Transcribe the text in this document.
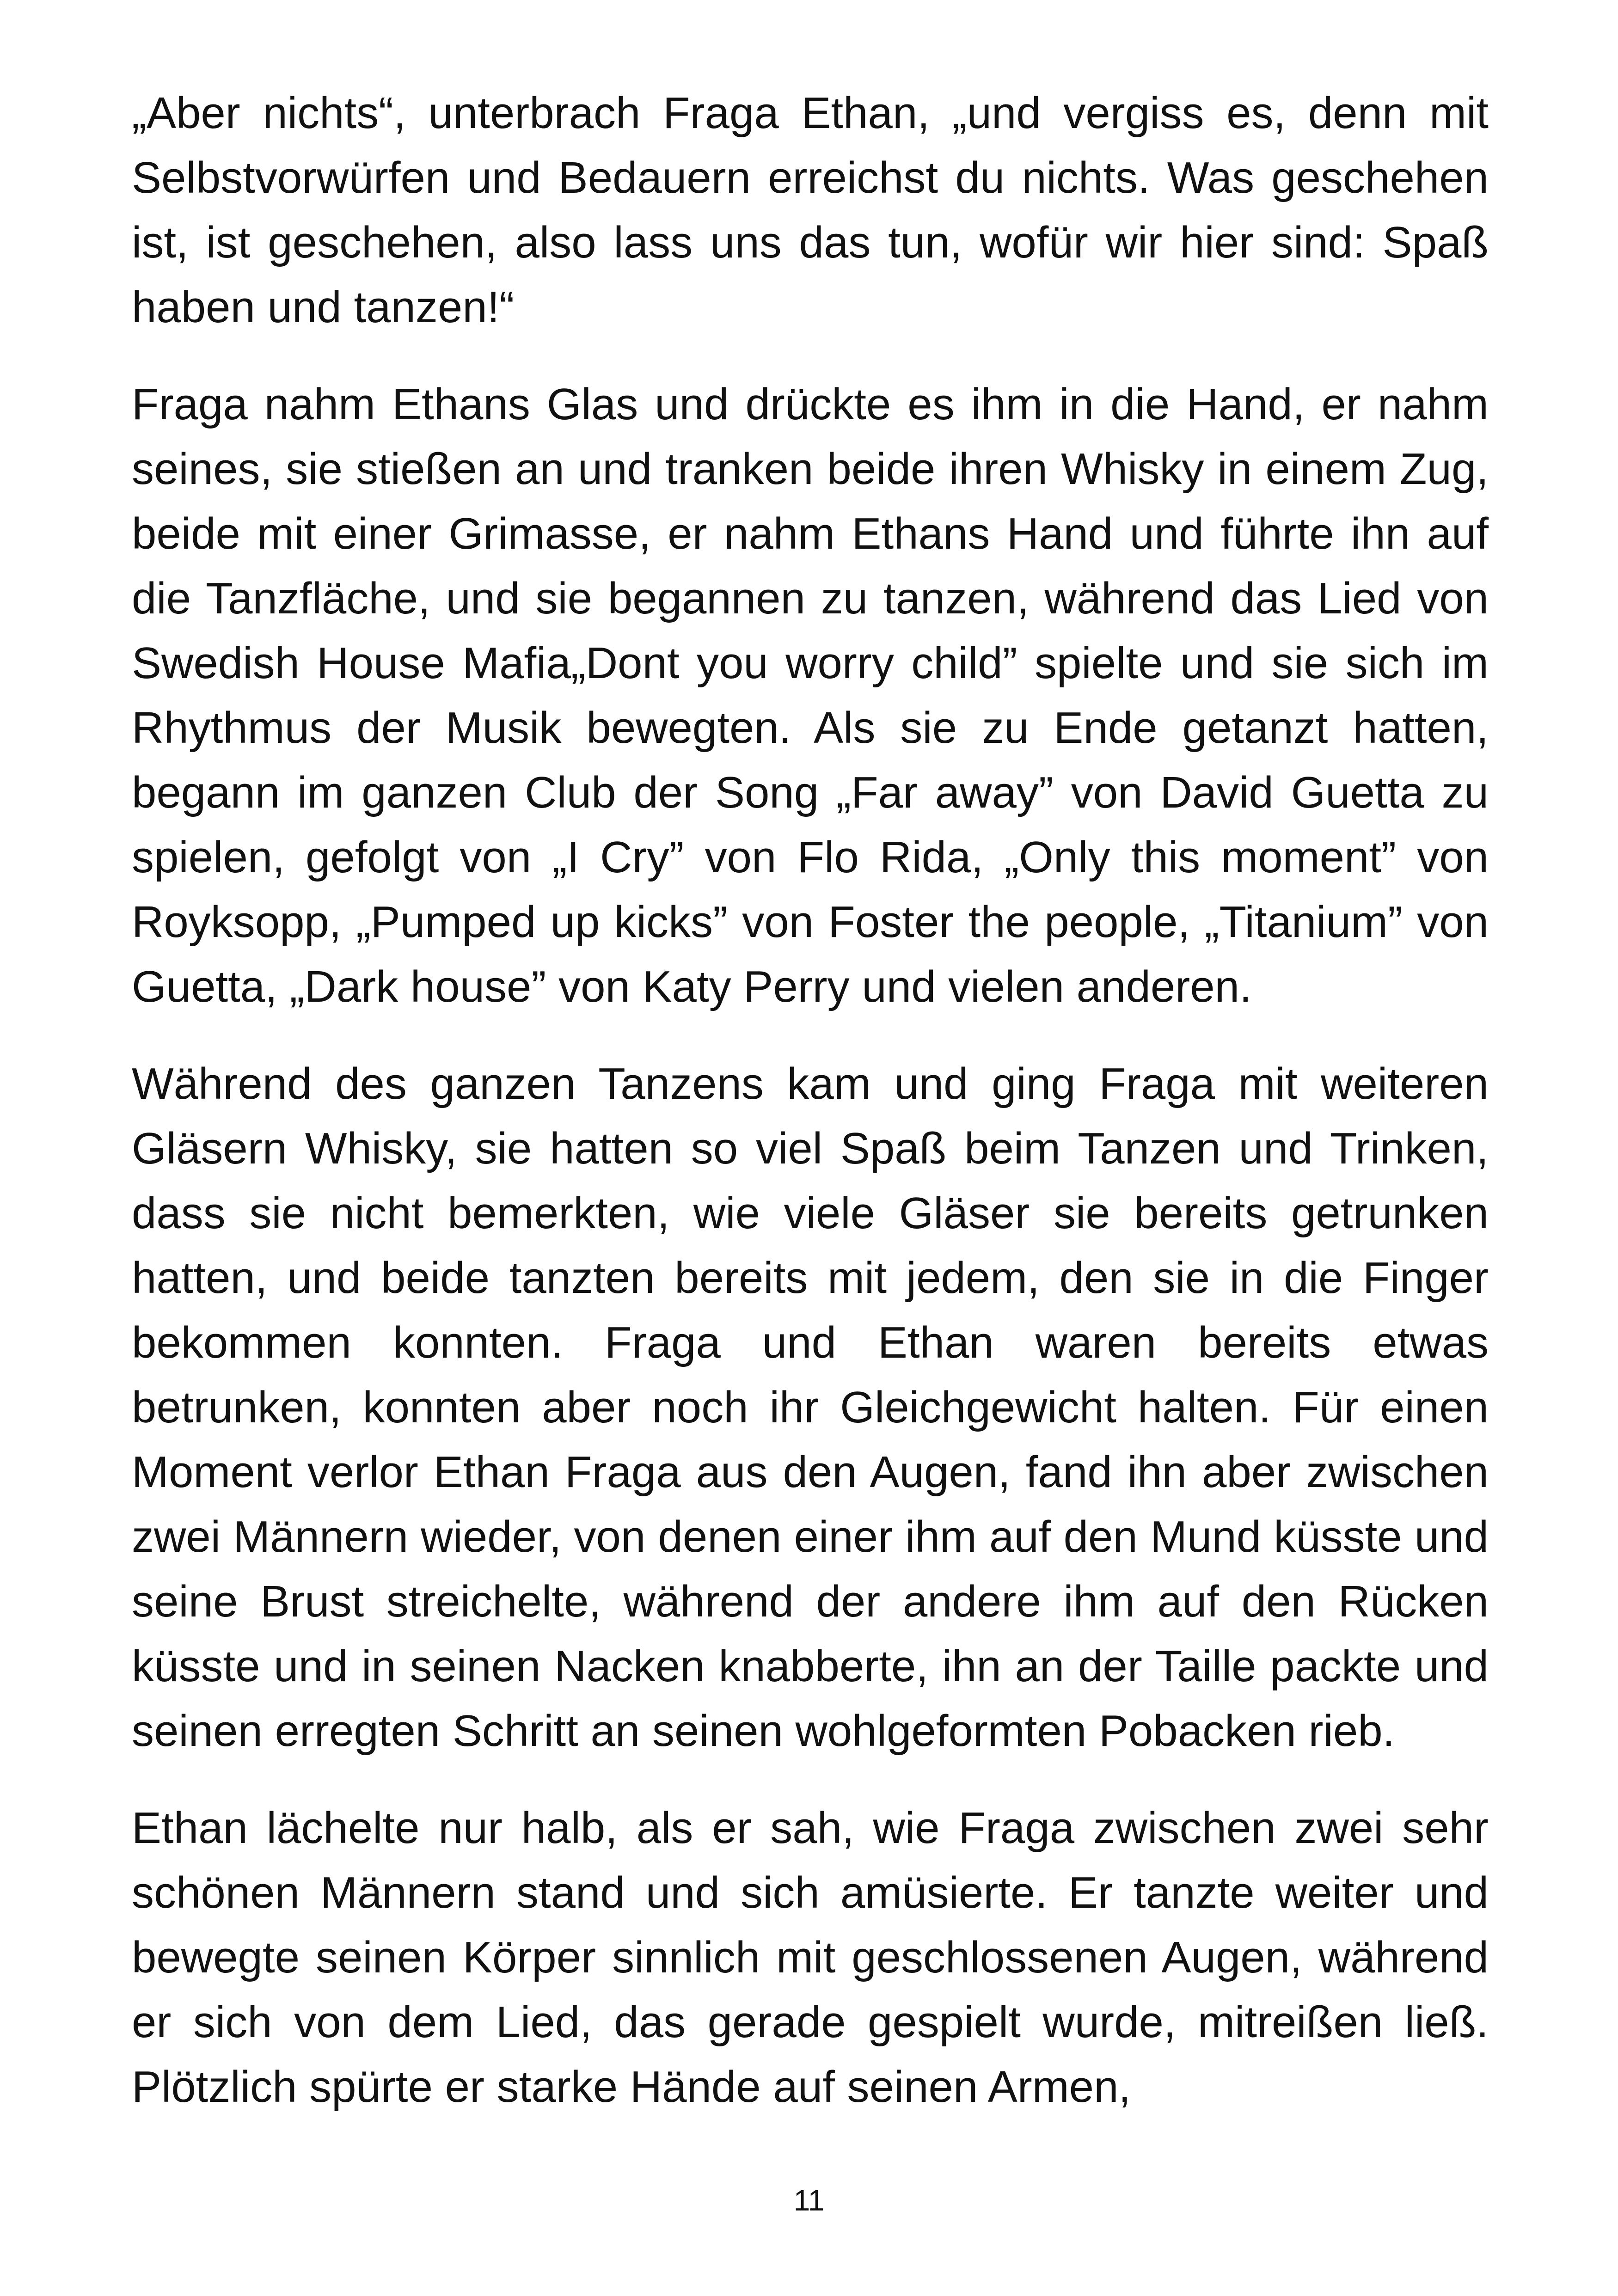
„Aber nichts“, unterbrach Fraga Ethan, „und vergiss es, denn mit Selbstvorwürfen und Bedauern erreichst du nichts. Was geschehen ist, ist geschehen, also lass uns das tun, wofür wir hier sind: Spaß haben und tanzen!“

Fraga nahm Ethans Glas und drückte es ihm in die Hand, er nahm seines, sie stießen an und tranken beide ihren Whisky in einem Zug, beide mit einer Grimasse, er nahm Ethans Hand und führte ihn auf die Tanzfläche, und sie begannen zu tanzen, während das Lied von Swedish House Mafia„Dont you worry child” spielte und sie sich im Rhythmus der Musik bewegten. Als sie zu Ende getanzt hatten, begann im ganzen Club der Song „Far away” von David Guetta zu spielen, gefolgt von „I Cry” von Flo Rida, „Only this moment” von Royksopp, „Pumped up kicks” von Foster the people, „Titanium” von Guetta, „Dark house” von Katy Perry und vielen anderen.

Während des ganzen Tanzens kam und ging Fraga mit weiteren Gläsern Whisky, sie hatten so viel Spaß beim Tanzen und Trinken, dass sie nicht bemerkten, wie viele Gläser sie bereits getrunken hatten, und beide tanzten bereits mit jedem, den sie in die Finger bekommen konnten. Fraga und Ethan waren bereits etwas betrunken, konnten aber noch ihr Gleichgewicht halten. Für einen Moment verlor Ethan Fraga aus den Augen, fand ihn aber zwischen zwei Männern wieder, von denen einer ihm auf den Mund küsste und seine Brust streichelte, während der andere ihm auf den Rücken küsste und in seinen Nacken knabberte, ihn an der Taille packte und seinen erregten Schritt an seinen wohlgeformten Pobacken rieb.

Ethan lächelte nur halb, als er sah, wie Fraga zwischen zwei sehr schönen Männern stand und sich amüsierte. Er tanzte weiter und bewegte seinen Körper sinnlich mit geschlossenen Augen, während er sich von dem Lied, das gerade gespielt wurde, mitreißen ließ. Plötzlich spürte er starke Hände auf seinen Armen,

11
